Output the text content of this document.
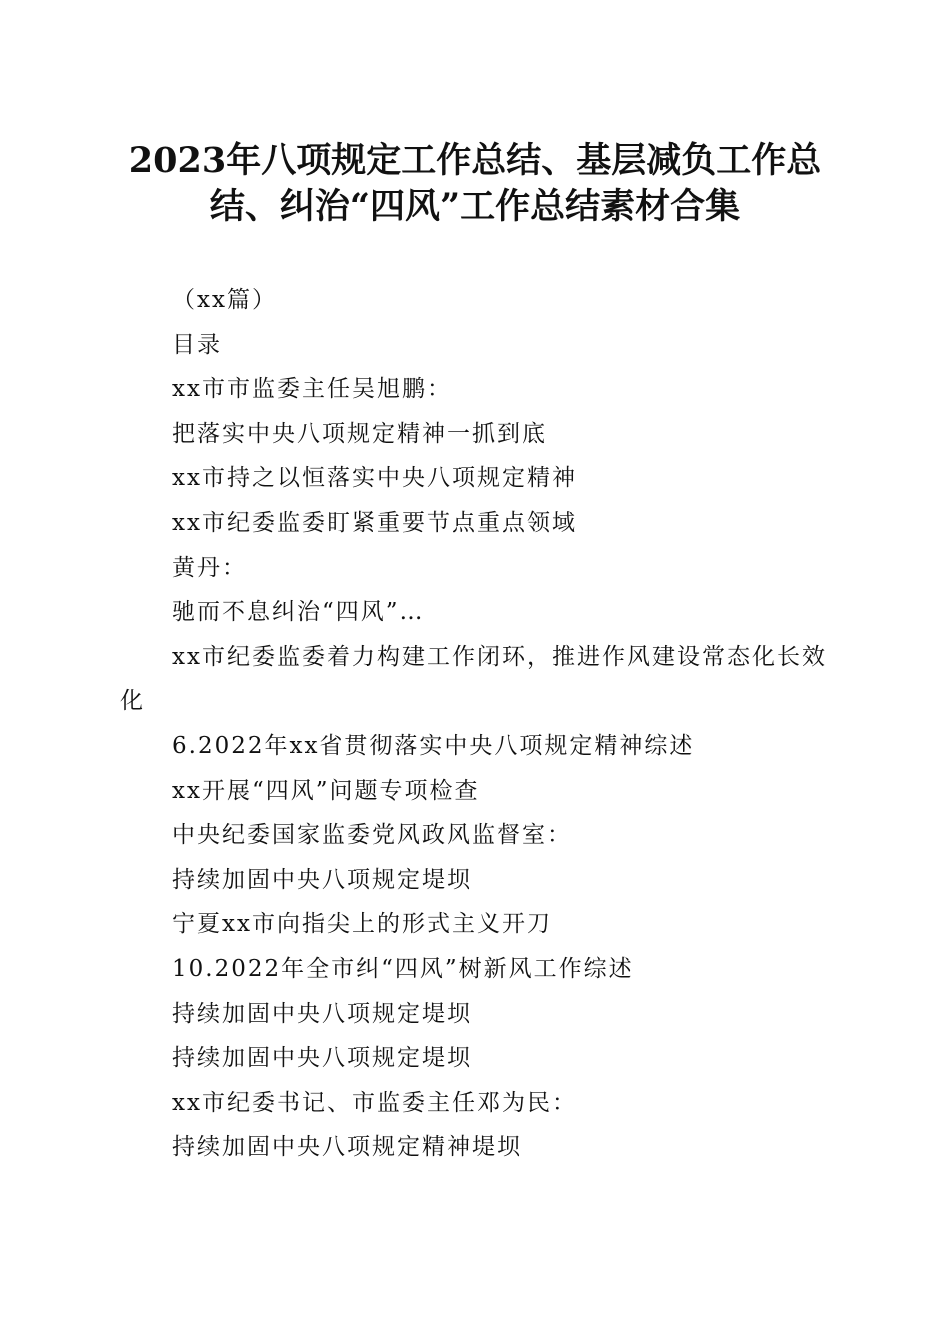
2023年八项规定工作总结、基层减负工作总
结、纠治“四风”工作总结素材合集

（xx篇）

目录

xx市市监委主任吴旭鹏：

把落实中央八项规定精神一抓到底

xx市持之以恒落实中央八项规定精神

xx市纪委监委盯紧重要节点重点领域

黄丹：

驰而不息纠治“四风”…

xx市纪委监委着力构建工作闭环，推进作风建设常态化长效化

6.2022年xx省贯彻落实中央八项规定精神综述

xx开展“四风”问题专项检查

中央纪委国家监委党风政风监督室：

持续加固中央八项规定堤坝

宁夏xx市向指尖上的形式主义开刀

10.2022年全市纠“四风”树新风工作综述

持续加固中央八项规定堤坝

持续加固中央八项规定堤坝

xx市纪委书记、市监委主任邓为民：

持续加固中央八项规定精神堤坝
